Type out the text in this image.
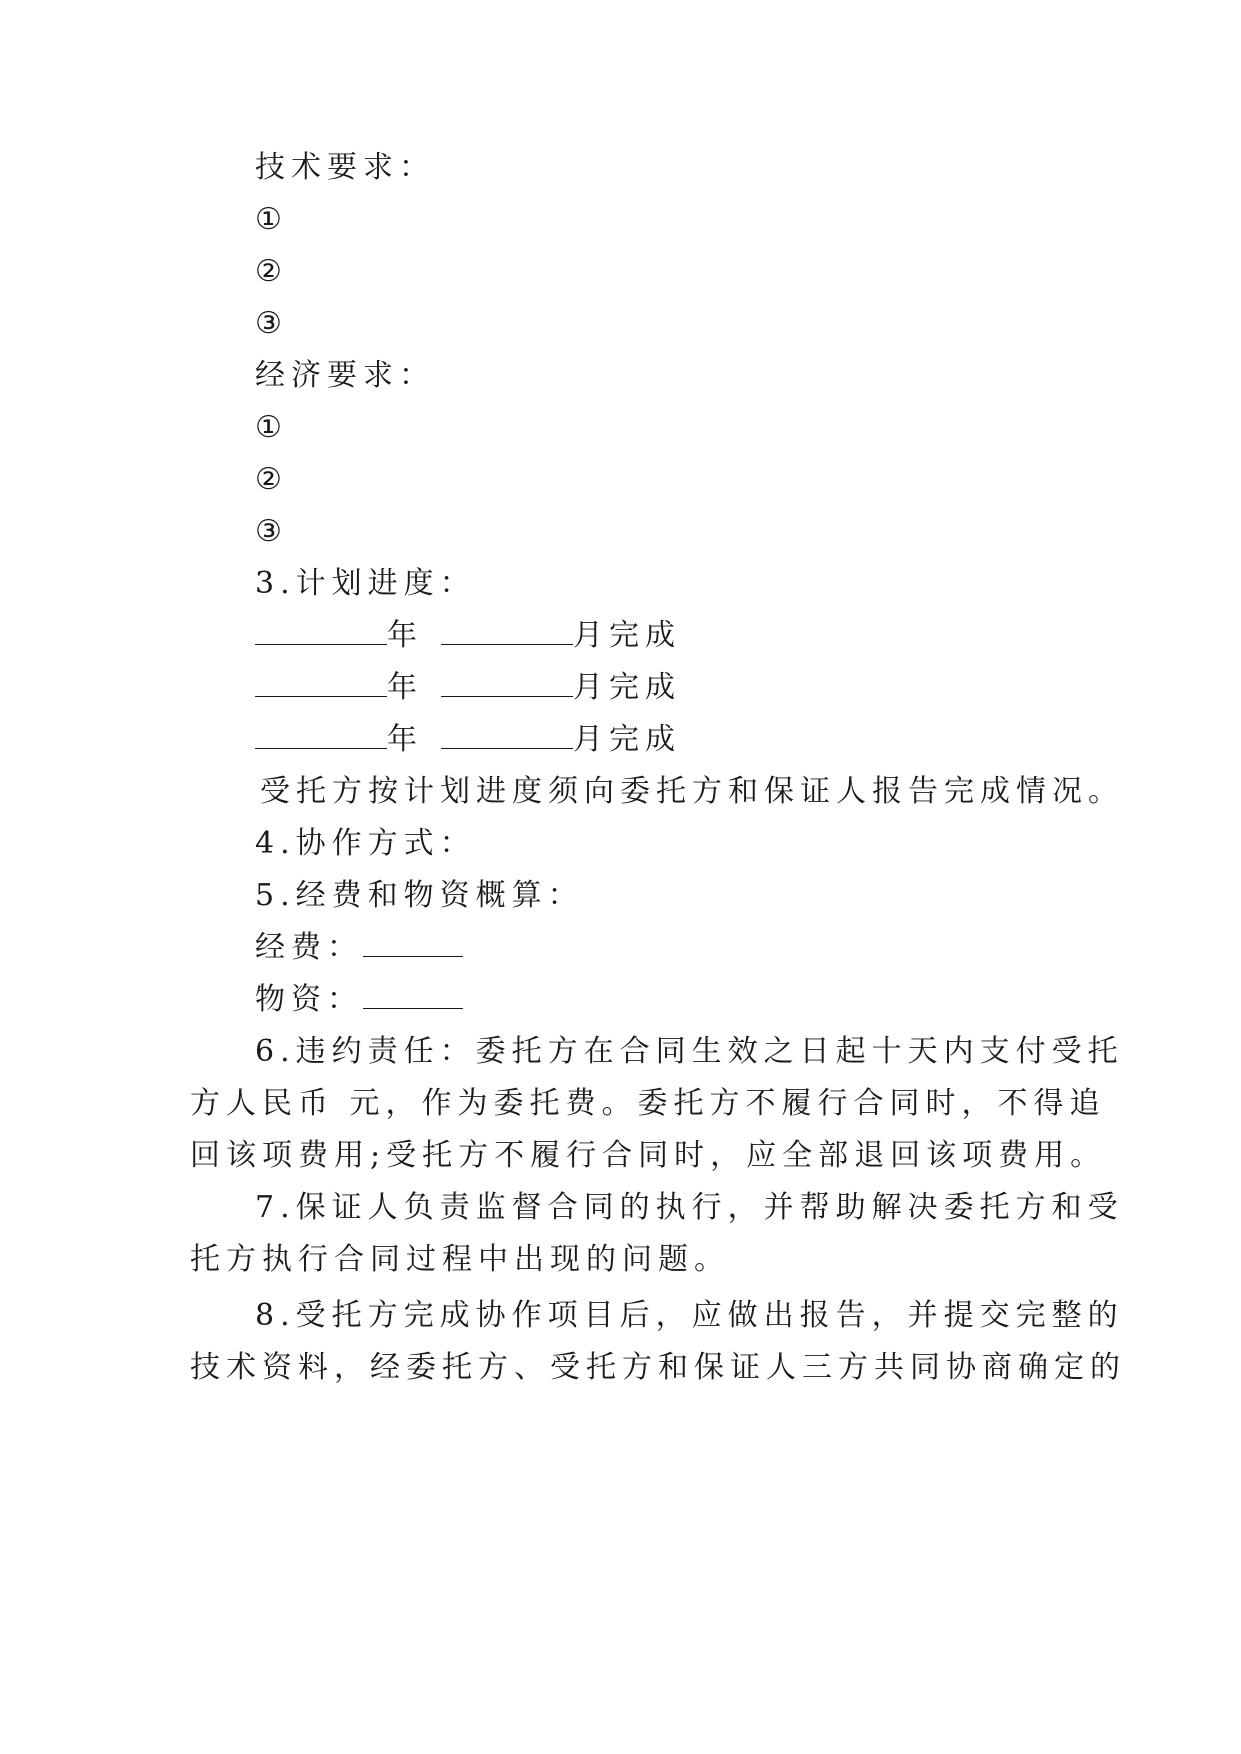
技术要求：
①
②
③
经济要求：
①
②
③
3.计划进度：
年	月完成
年	月完成
年	月完成
受托方按计划进度须向委托方和保证人报告完成情况。
4.协作方式：
5.经费和物资概算：
经费：
物资：
6.违约责任：委托方在合同生效之日起十天内支付受托
方人民币 元，作为委托费。委托方不履行合同时，不得追
回该项费用;受托方不履行合同时，应全部退回该项费用。
7.保证人负责监督合同的执行，并帮助解决委托方和受
托方执行合同过程中出现的问题。
8.受托方完成协作项目后，应做出报告，并提交完整的
技术资料，经委托方、受托方和保证人三方共同协商确定的
